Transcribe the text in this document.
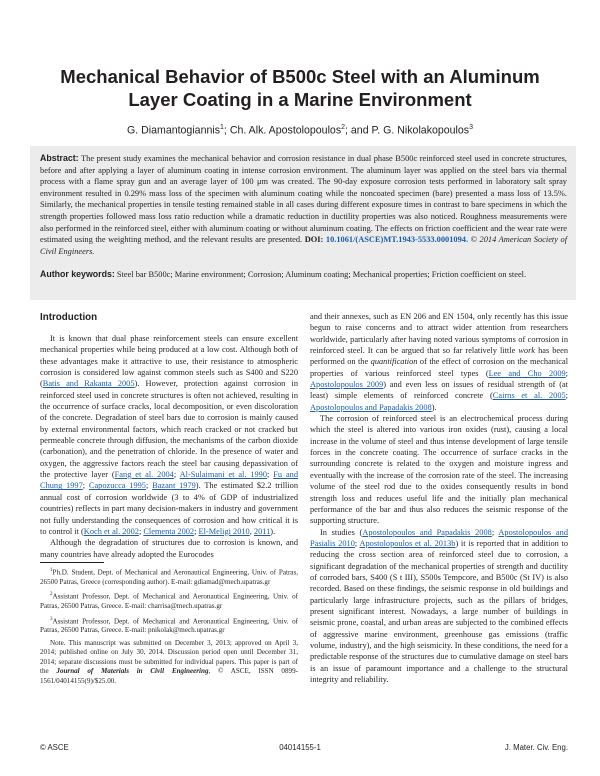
Mechanical Behavior of B500c Steel with an Aluminum
Layer Coating in a Marine Environment

G. Diamantogiannis$^1$; Ch. Alk. Apostolopoulos$^2$; and P. G. Nikolakopoulos$^3$

Abstract: The present study examines the mechanical behavior and corrosion resistance in dual phase B500c reinforced steel used in concrete structures, before and after applying a layer of aluminum coating in intense corrosion environment. The aluminum layer was applied on the steel bars via thermal process with a flame spray gun and an average layer of 100 μm was created. The 90-day exposure corrosion tests performed in laboratory salt spray environment resulted in 0.29% mass loss of the specimen with aluminum coating while the noncoated specimen (bare) presented a mass loss of 13.5%. Similarly, the mechanical properties in tensile testing remained stable in all cases during different exposure times in contrast to bare specimens in which the strength properties followed mass loss ratio reduction while a dramatic reduction in ductility properties was also noticed. Roughness measurements were also performed in the reinforced steel, either with aluminum coating or without aluminum coating. The effects on friction coefficient and the wear rate were estimated using the weighting method, and the relevant results are presented. DOI: 10.1061/(ASCE)MT.1943-5533.0001094. © 2014 American Society of Civil Engineers.

Author keywords: Steel bar B500c; Marine environment; Corrosion; Aluminum coating; Mechanical properties; Friction coefficient on steel.

Introduction

It is known that dual phase reinforcement steels can ensure excellent mechanical properties while being produced at a low cost. Although both of these advantages make it attractive to use, their resistance to atmospheric corrosion is considered low against common steels such as S400 and S220 (Batis and Rakanta 2005). However, protection against corrosion in reinforced steel used in concrete structures is often not achieved, resulting in the occurrence of surface cracks, local decomposition, or even discoloration of the concrete. Degradation of steel bars due to corrosion is mainly caused by external environmental factors, which reach cracked or not cracked but permeable concrete through diffusion, the mechanisms of the carbon dioxide (carbonation), and the penetration of chloride. In the presence of water and oxygen, the aggressive factors reach the steel bar causing depassivation of the protective layer (Fang et al. 2004; Al-Sulaimani et al. 1990; Fu and Chung 1997; Capozucca 1995; Bazant 1979). The estimated $2.2 trillion annual cost of corrosion worldwide (3 to 4% of GDP of industrialized countries) reflects in part many decision-makers in industry and government not fully understanding the consequences of corrosion and how critical it is to control it (Koch et al. 2002; Clementa 2002; El-Meligi 2010, 2011).

Although the degradation of structures due to corrosion is known, and many countries have already adopted the Eurocodes

$^1$Ph.D. Student, Dept. of Mechanical and Aeronautical Engineering, Univ. of Patras, 26500 Patras, Greece (corresponding author). E-mail: gdiamad@mech.upatras.gr

$^2$Assistant Professor, Dept. of Mechanical and Aeronautical Engineering, Univ. of Patras, 26500 Patras, Greece. E-mail: charrisa@mech.upatras.gr

$^3$Assistant Professor, Dept. of Mechanical and Aeronautical Engineering, Univ. of Patras, 26500 Patras, Greece. E-mail: pnikolak@mech.upatras.gr

Note. This manuscript was submitted on December 3, 2013; approved on April 3, 2014; published online on July 30, 2014. Discussion period open until December 31, 2014; separate discussions must be submitted for individual papers. This paper is part of the Journal of Materials in Civil Engineering, © ASCE, ISSN 0899-1561/04014155(9)/$25.00.

and their annexes, such as EN 206 and EN 1504, only recently has this issue begun to raise concerns and to attract wider attention from researchers worldwide, particularly after having noted various symptoms of corrosion in reinforced steel. It can be argued that so far relatively little work has been performed on the quantification of the effect of corrosion on the mechanical properties of various reinforced steel types (Lee and Cho 2009; Apostolopoulos 2009) and even less on issues of residual strength of (at least) simple elements of reinforced concrete (Cairns et al. 2005; Apostolopoulos and Papadakis 2008).

The corrosion of reinforced steel is an electrochemical process during which the steel is altered into various iron oxides (rust), causing a local increase in the volume of steel and thus intense development of large tensile forces in the concrete coating. The occurrence of surface cracks in the surrounding concrete is related to the oxygen and moisture ingress and eventually with the increase of the corrosion rate of the steel. The increasing volume of the steel rod due to the oxides consequently results in bond strength loss and reduces useful life and the initially plan mechanical performance of the bar and thus also reduces the seismic response of the supporting structure.

In studies (Apostolopoulos and Papadakis 2008; Apostolopoulos and Pasialis 2010; Apostolopoulos et al. 2013b) it is reported that in addition to reducing the cross section area of reinforced steel due to corrosion, a significant degradation of the mechanical properties of strength and ductility of corroded bars, S400 (S t III), S500s Tempcore, and B500c (St IV) is also recorded. Based on these findings, the seismic response in old buildings and particularly large infrastructure projects, such as the pillars of bridges, present significant interest. Nowadays, a large number of buildings in seismic prone, coastal, and urban areas are subjected to the combined effects of aggressive marine environment, greenhouse gas emissions (traffic volume, industry), and the high seismicity. In these conditions, the need for a predictable response of the structures due to cumulative damage on steel bars is an issue of paramount importance and a challenge to the structural integrity and reliability.

© ASCE	04014155-1	J. Mater. Civ. Eng.
